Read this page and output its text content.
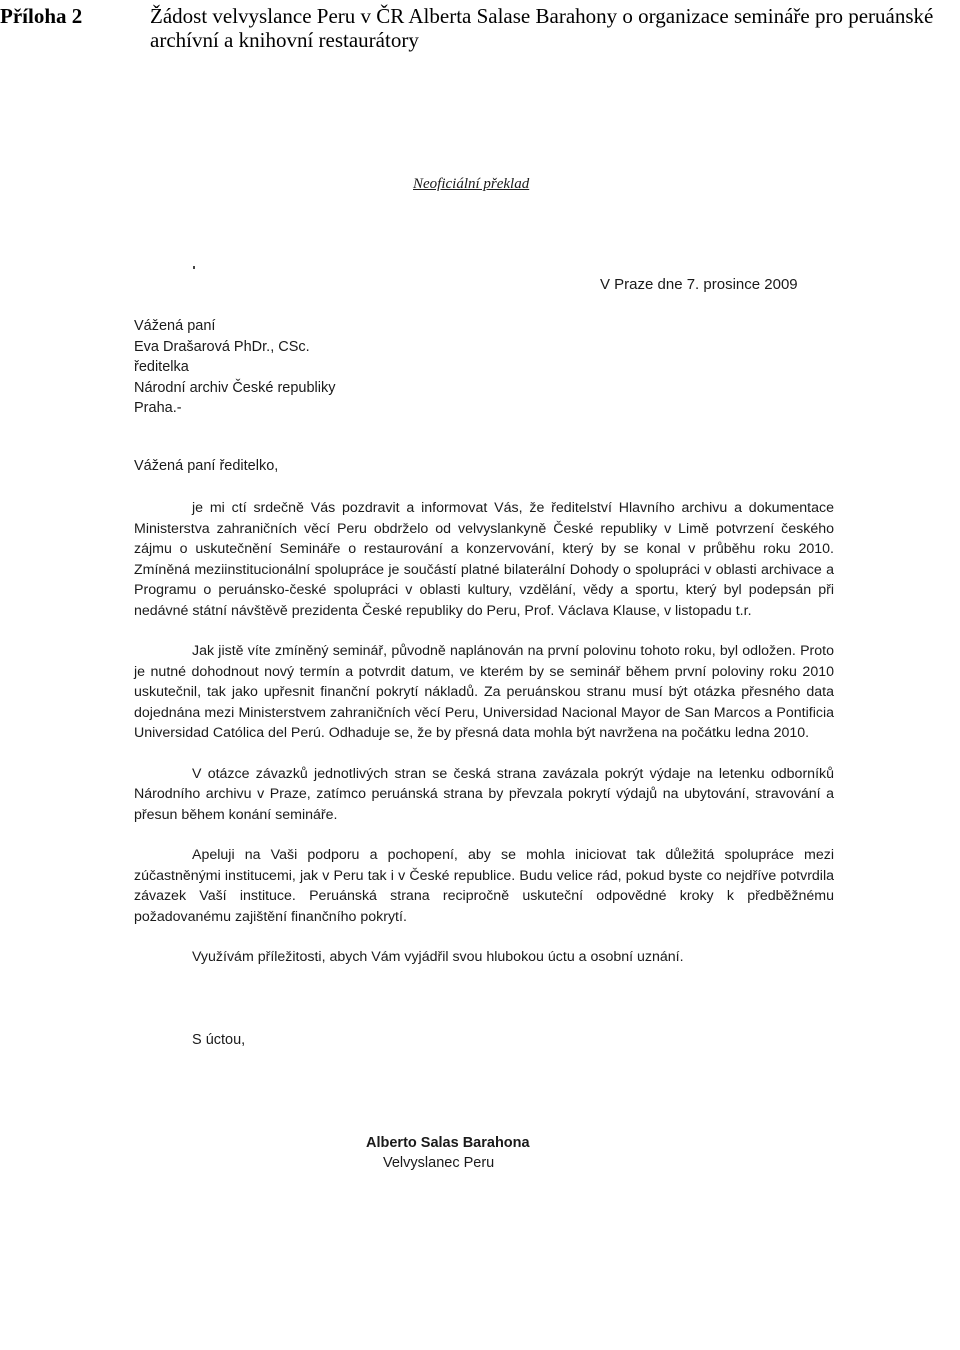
Příloha 2	Žádost velvyslance Peru v ČR Alberta Salase Barahony o organizace semináře pro peruánské archívní a knihovní restaurátory
Neoficiální překlad
V Praze dne 7. prosince 2009
Vážená paní
Eva Drašarová PhDr., CSc.
ředitelka
Národní archiv České republiky
Praha.-
Vážená paní ředitelko,

je mi ctí srdečně Vás pozdravit a informovat Vás, že ředitelství Hlavního archivu a dokumentace Ministerstva zahraničních věcí Peru obdrželo od velvyslankyně České republiky v Limě potvrzení českého zájmu o uskutečnění Semináře o restaurování a konzervování, který by se konal v průběhu roku 2010. Zmíněná meziinstitucionální spolupráce je součástí platné bilaterální Dohody o spolupráci v oblasti archivace a Programu o peruánsko-české spolupráci v oblasti kultury, vzdělání, vědy a sportu, který byl podepsán při nedávné státní návštěvě prezidenta České republiky do Peru, Prof. Václava Klause, v listopadu t.r.

Jak jistě víte zmíněný seminář, původně naplánován na první polovinu tohoto roku, byl odložen. Proto je nutné dohodnout nový termín a potvrdit datum, ve kterém by se seminář během první poloviny roku 2010 uskutečnil, tak jako upřesnit finanční pokrytí nákladů. Za peruánskou stranu musí být otázka přesného data dojednána mezi Ministerstvem zahraničních věcí Peru, Universidad Nacional Mayor de San Marcos a Pontificia Universidad Católica del Perú. Odhaduje se, že by přesná data mohla být navržena na počátku ledna 2010.

V otázce závazků jednotlivých stran se česká strana zavázala pokrýt výdaje na letenku odborníků Národního archivu v Praze, zatímco peruánská strana by převzala pokrytí výdajů na ubytování, stravování a přesun během konání semináře.

Apeluji na Vaši podporu a pochopení, aby se mohla iniciovat tak důležitá spolupráce mezi zúčastněnými institucemi, jak v Peru tak i v České republice. Budu velice rád, pokud byste co nejdříve potvrdila závazek Vaší instituce. Peruánská strana recipročně uskuteční odpovědné kroky k předběžnému požadovanému zajištění finančního pokrytí.

Využívám příležitosti, abych Vám vyjádřil svou hlubokou úctu a osobní uznání.

S úctou,
Alberto Salas Barahona
Velvyslanec Peru
